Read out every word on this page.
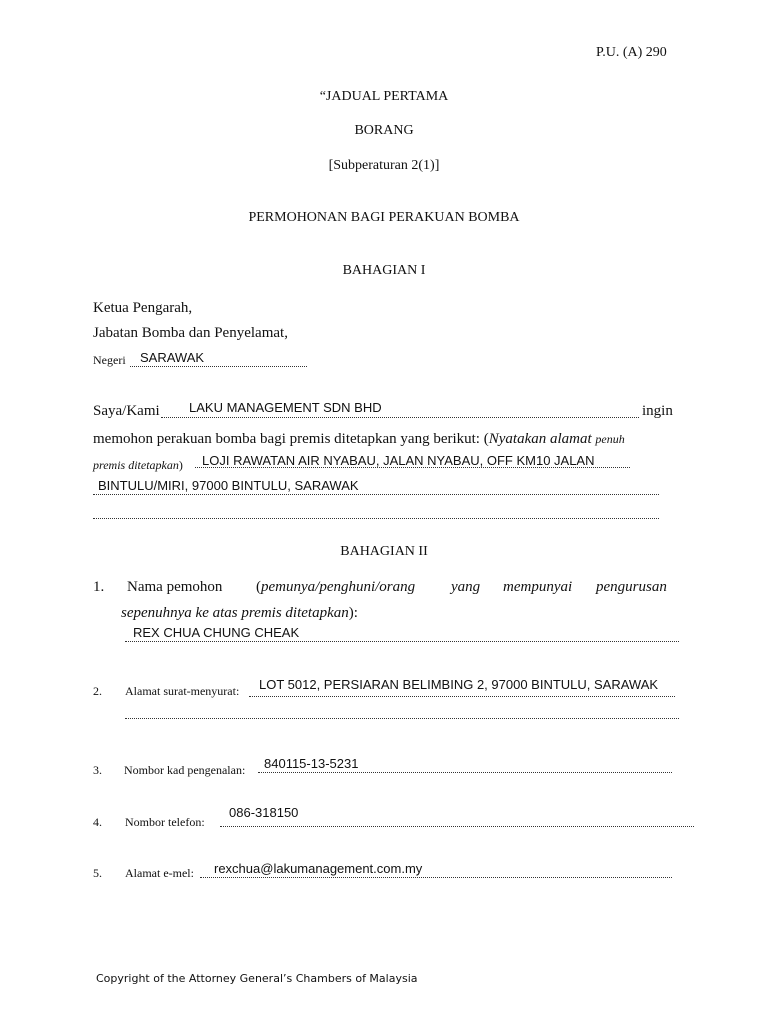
P.U. (A) 290
“JADUAL PERTAMA
BORANG
[Subperaturan 2(1)]
PERMOHONAN BAGI PERAKUAN BOMBA
BAHAGIAN I
Ketua Pengarah,
Jabatan Bomba dan Penyelamat,
Negeri SARAWAK
Saya/Kami LAKU MANAGEMENT SDN BHD	ingin
memohon perakuan bomba bagi premis ditetapkan yang berikut: (Nyatakan alamat penuh
premis ditetapkan) LOJI RAWATAN AIR NYABAU, JALAN NYABAU, OFF KM10 JALAN
BINTULU/MIRI, 97000 BINTULU, SARAWAK
BAHAGIAN II
1. Nama pemohon ( pemunya/penghuni/orang yang mempunyai pengurusan
sepenuhnya ke atas premis ditetapkan):
REX CHUA CHUNG CHEAK
2. Alamat surat-menyurat: LOT 5012, PERSIARAN BELIMBING 2, 97000 BINTULU, SARAWAK
3. Nombor kad pengenalan: 840115-13-5231
4. Nombor telefon:
086-318150
5. Alamat e-mel: rexchua@lakumanagement.com.my
Copyright of the Attorney General’s Chambers of Malaysia
